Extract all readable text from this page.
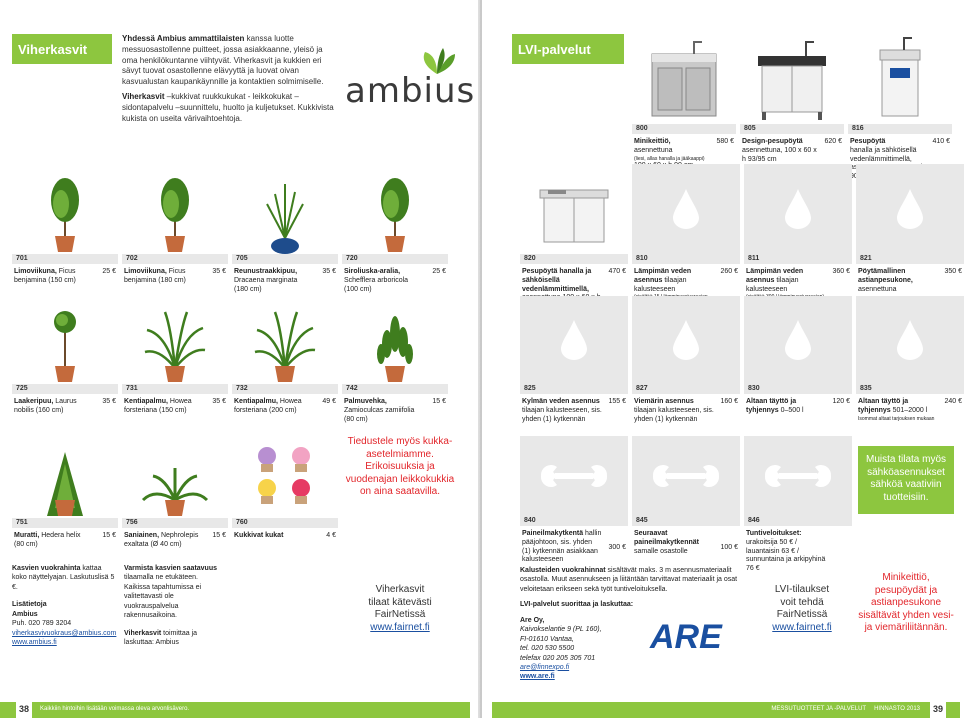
Viherkasvit

Yhdessä Ambius ammattilaisten kanssa luotte messuosastollenne puitteet, jossa asiakkaanne, yleisö ja oma henkilökuntanne viihtyvät. Viherkasvit ja kukkien eri sävyt tuovat osastollenne elävyyttä ja luovat oivan kasvualustan kaupankäynnille ja kontaktien solmimiselle.

Viherkasvit –kukkivat ruukkukukat - leikkokukat –sidontapalvelu –suunnittelu, huolto ja kuljetukset. Kukkivista kukista on useita värivaihtoehtoja.

ambius
Tiedustele myös kukka-asetelmiamme. Erikoisuuksia ja vuodenajan leikkokukkia on aina saatavilla.

Kasvien vuokrahinta kattaa koko näyttelyajan. Laskutuslisä 5 €.

Lisätietoja

Ambius

Puh. 020 789 3204

viherkasvivuokraus@ambius.com

www.ambius.fi

Varmista kasvien saatavuus tilaamalla ne etukäteen. Kaikissa tapahtumissa ei valitettavasti ole vuokrauspalvelua rakennusaikoina.

Viherkasvit toimittaa ja laskuttaa: Ambius

Viherkasvit

tilaat kätevästi

FairNetissä

www.fairnet.fi

Kaikkiin hintoihin lisätään voimassa oleva arvonlisävero.
38
701
Limoviikuna, Ficus benjamina (150 cm)
25 €
702
Limoviikuna, Ficus benjamina (180 cm)
35 €
705
Reunustraakkipuu, Dracaena marginata (180 cm)
35 €
720
Siroliuska-aralia, Schefflera arboricola (100 cm)
25 €
725
Laakeripuu, Laurus nobilis (160 cm)
35 €
731
Kentiapalmu, Howea forsteriana (150 cm)
35 €
732
Kentiapalmu, Howea forsteriana (200 cm)
49 €
742
Palmuvehka, Zamioculcas zamiifolia (80 cm)
15 €
751
Muratti, Hedera helix (80 cm)
15 €
756
Saniainen, Nephrolepis exaltata (Ø 40 cm)
15 €
760
Kukkivat kukat	4 €
LVI-palvelut
Muista tilata myös sähköasennukset sähköä vaativiin tuotteisiin.

Kalusteiden vuokrahinnat sisältävät maks. 3 m asennusmateriaalit osastolla. Muut asennukseen ja liitäntään tarvittavat materiaalit ja osat veloitetaan erikseen sekä työt tuntiveloituksella.

LVI-palvelut suorittaa ja laskuttaa:

Are Oy,

Kaivokselantie 9 (PL 160),

FI-01610 Vantaa,

tel. 020 530 5500

telefax 020 205 305 701

are@finnexpo.fi

www.are.fi

ARE

LVI-tilaukset

voit tehdä

FairNetissä

www.fairnet.fi

Minikeittiö, pesupöydät ja astianpesukone sisältävät yhden vesi- ja viemäriliitännän.
MESSUTUOTTEET JA -PALVELUT HINNASTO 2013	39
800
Minikeittiö, asennettuna
(liesi, allas hanalla ja jääkaappi)
580 €
805
Design-pesupöytä
asennettuna, 100 x 60 x h 93/95 cm
620 €
816
Pesupöytä
hanalla ja sähköisellä vedenlämmittimellä, 90
410 €
820
Pesupöytä hanalla ja sähköisellä vedenlämmittimellä,
470 €
810
Lämpimän veden asennus tilaajan kalusteeseen
260 €
811
Lämpimän veden asennus tilaajan kalusteeseen
360 €
821
Pöytämallinen astianpesukone, asennettuna
350 €
825
Kylmän veden asennus tilaajan kalusteeseen, sis. yhden (1) kytkennän
155 €
827
Viemärin asennus tilaajan kalusteeseen, sis. yhden (1) kytkennän
160 €
830
Altaan täyttö ja tyhjennys 0–500 l
120 €
835
Altaan täyttö ja tyhjennys 501–2000 l
Isommat altaat tarjouksen mukaan
240 €
840
Paineilmakytkentä hallin pääjohtoon, sis. yhden (1) kytkennän asiakkaan kalusteeseen
300 €
845
Seuraavat paineilmakytkennät samalle osastolle	100 €
846
Tuntiveloitukset: urakoitsija 50 € / lauantaisin 63 € / sunnuntaina ja arkipyhinä 76 €
